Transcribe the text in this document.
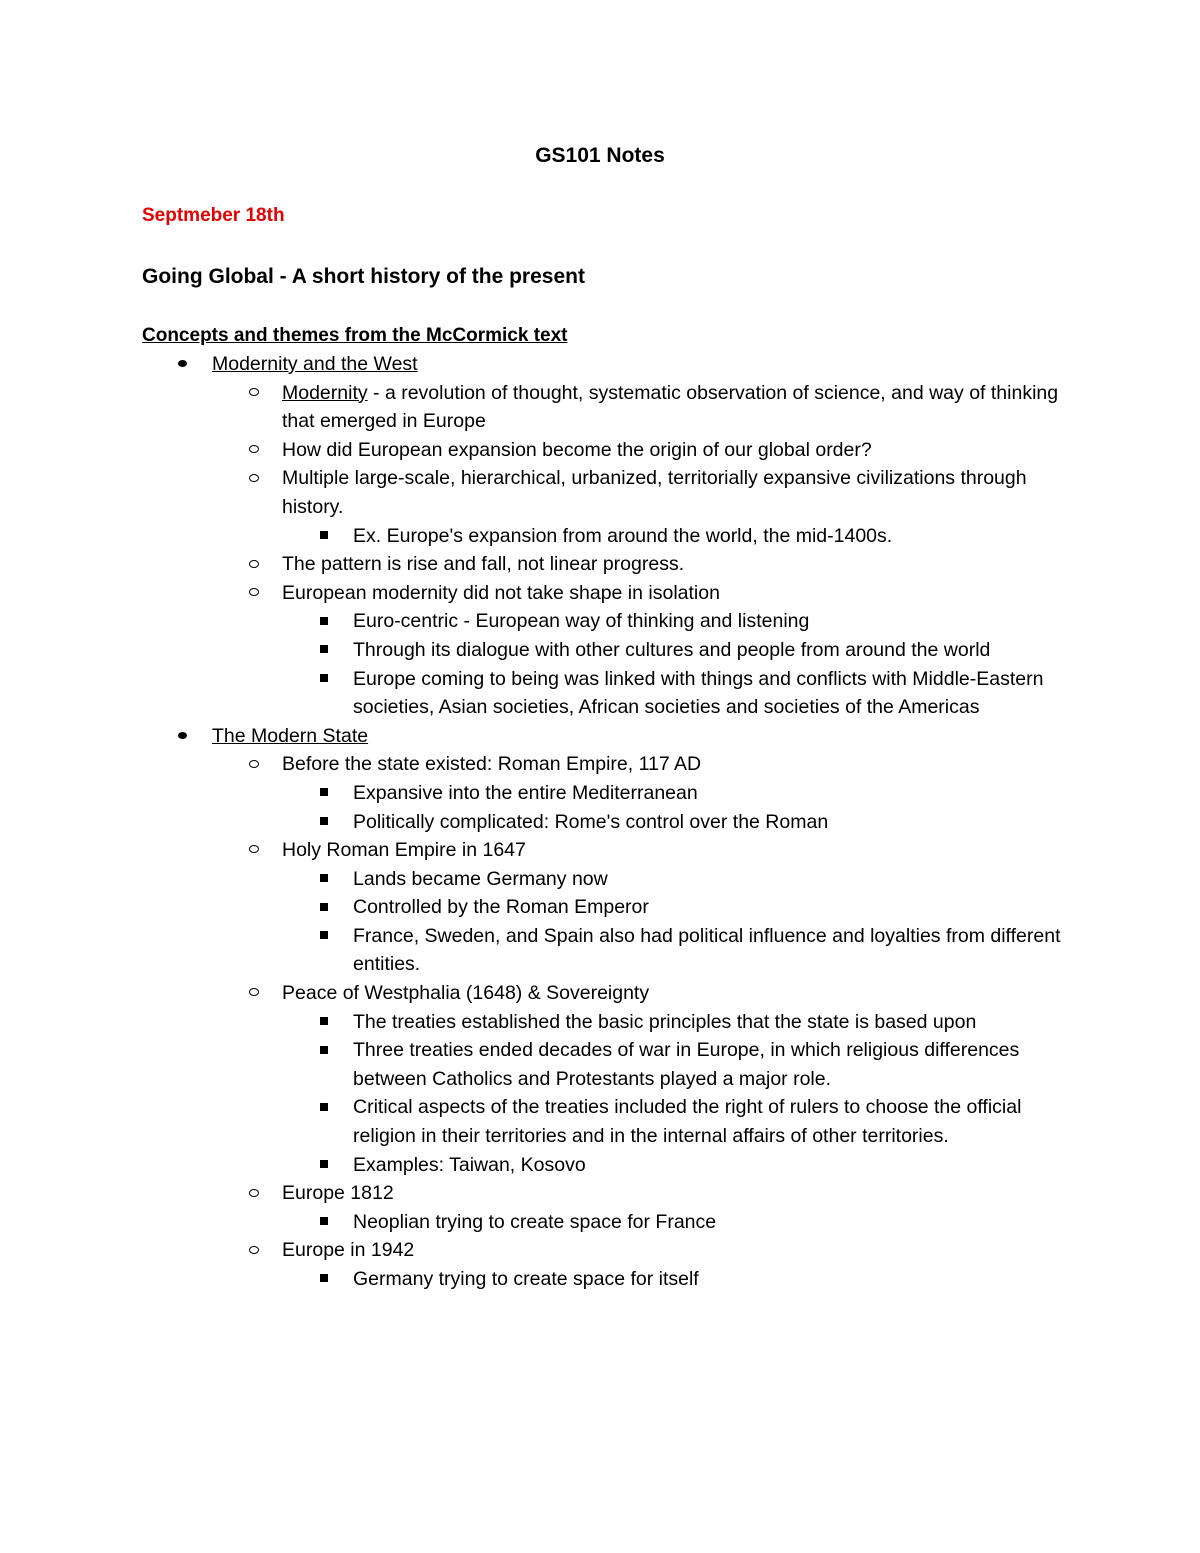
GS101 Notes
Septmeber 18th
Going Global - A short history of the present
Concepts and themes from the McCormick text
Modernity and the West
Modernity - a revolution of thought, systematic observation of science, and way of thinking that emerged in Europe
How did European expansion become the origin of our global order?
Multiple large-scale, hierarchical, urbanized, territorially expansive civilizations through history.
Ex. Europe's expansion from around the world, the mid-1400s.
The pattern is rise and fall, not linear progress.
European modernity did not take shape in isolation
Euro-centric - European way of thinking and listening
Through its dialogue with other cultures and people from around the world
Europe coming to being was linked with things and conflicts with Middle-Eastern societies, Asian societies, African societies and societies of the Americas
The Modern State
Before the state existed: Roman Empire, 117 AD
Expansive into the entire Mediterranean
Politically complicated: Rome's control over the Roman
Holy Roman Empire in 1647
Lands became Germany now
Controlled by the Roman Emperor
France, Sweden, and Spain also had political influence and loyalties from different entities.
Peace of Westphalia (1648) & Sovereignty
The treaties established the basic principles that the state is based upon
Three treaties ended decades of war in Europe, in which religious differences between Catholics and Protestants played a major role.
Critical aspects of the treaties included the right of rulers to choose the official religion in their territories and in the internal affairs of other territories.
Examples: Taiwan, Kosovo
Europe 1812
Neoplian trying to create space for France
Europe in 1942
Germany trying to create space for itself
